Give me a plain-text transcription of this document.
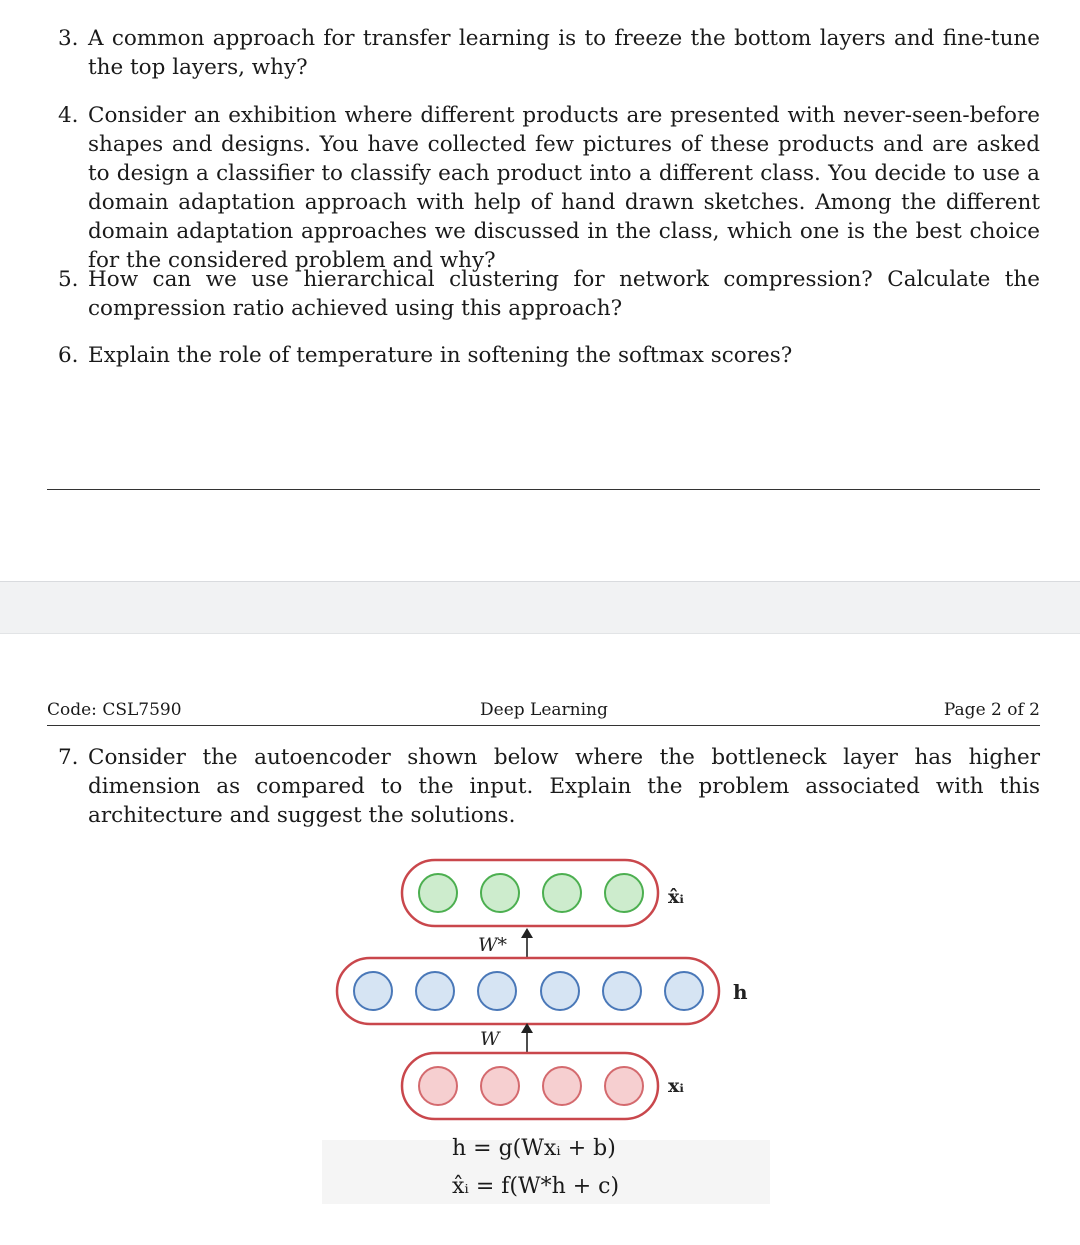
3. A common approach for transfer learning is to freeze the bottom layers and fine-tune the top layers, why?
4. Consider an exhibition where different products are presented with never-seen-before shapes and designs. You have collected few pictures of these products and are asked to design a classifier to classify each product into a different class. You decide to use a domain adaptation approach with help of hand drawn sketches. Among the different domain adaptation approaches we discussed in the class, which one is the best choice for the considered problem and why?
5. How can we use hierarchical clustering for network compression? Calculate the compression ratio achieved using this approach?
6. Explain the role of temperature in softening the softmax scores?
Code: CSL7590	Deep Learning	Page 2 of 2
7. Consider the autoencoder shown below where the bottleneck layer has higher dimension as compared to the input. Explain the problem associated with this architecture and suggest the solutions.
x̂ᵢ
W*
h
W
xᵢ
h = g(Wxᵢ + b)
x̂ᵢ = f(W*h + c)
